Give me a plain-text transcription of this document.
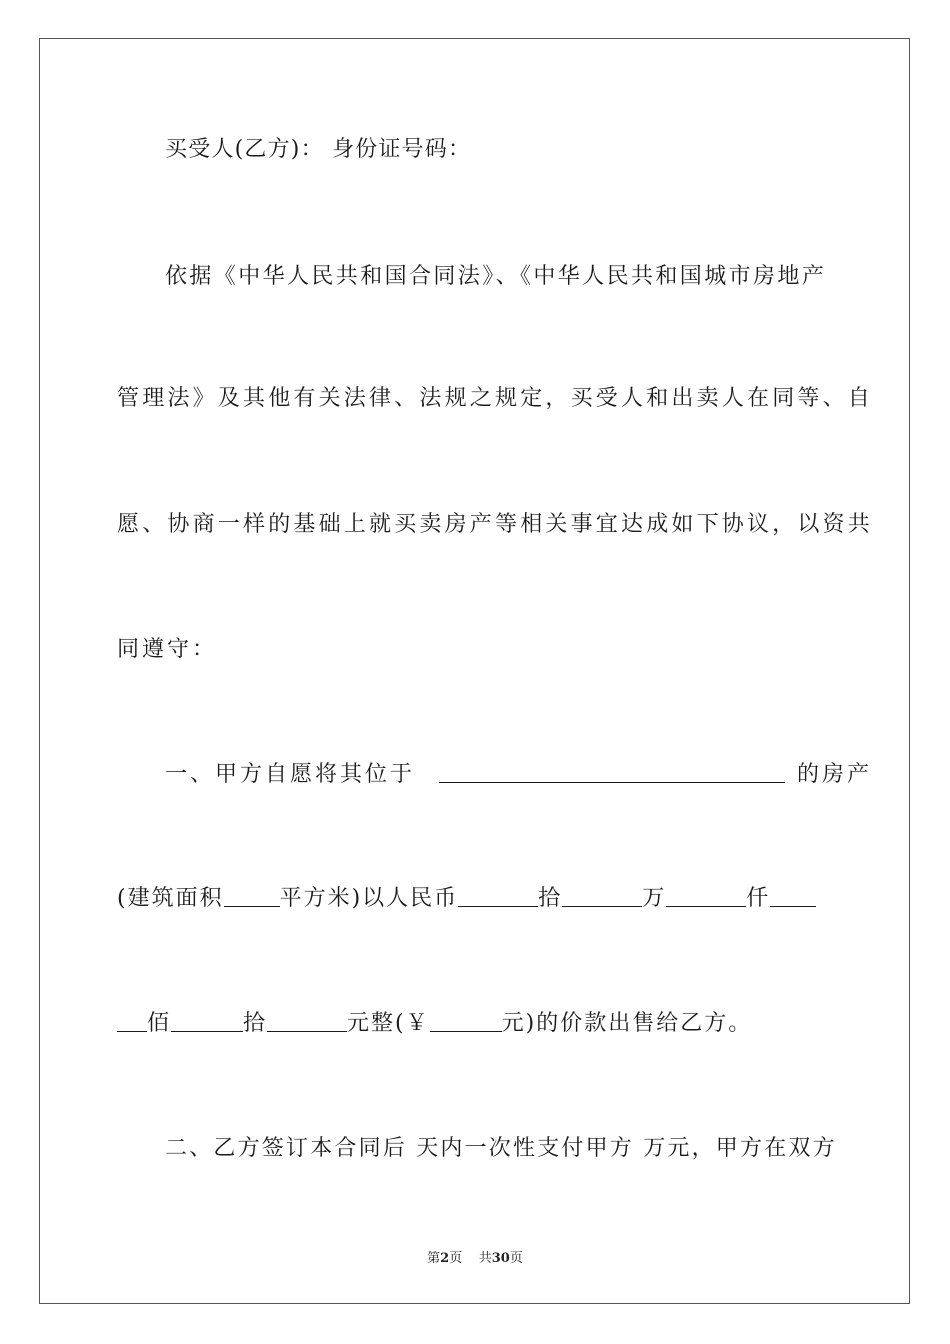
买受人(乙方)： 身份证号码：
依据《中华人民共和国合同法》、《中华人民共和国城市房地产
管理法》及其他有关法律、法规之规定，买受人和出卖人在同等、自
愿、协商一样的基础上就买卖房产等相关事宜达成如下协议，以资共
同遵守：
一、甲方自愿将其位于	的房产
(建筑面积	平方米)以人民币	拾	万	仟
佰	拾	元整(￥	元)的价款出售给乙方。
二、乙方签订本合同后 天内一次性支付甲方 万元，甲方在双方
第2页    共30页
